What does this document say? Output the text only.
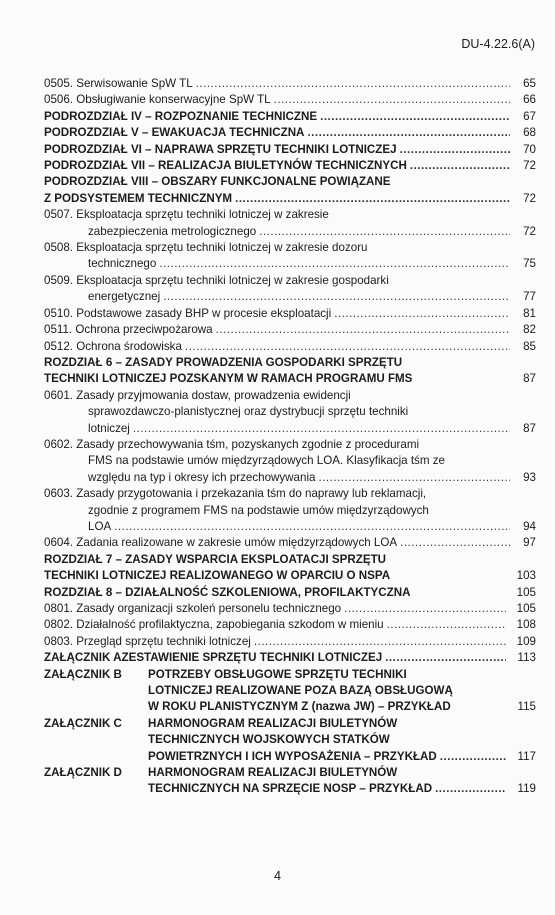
DU-4.22.6(A)
0505. Serwisowanie SpW TL .....	65
0506. Obsługiwanie konserwacyjne SpW TL .....	66
PODROZDZIAŁ IV – ROZPOZNANIE TECHNICZNE .....	67
PODROZDZIAŁ V – EWAKUACJA TECHNICZNA .....	68
PODROZDZIAŁ VI – NAPRAWA SPRZĘTU TECHNIKI LOTNICZEJ .....	70
PODROZDZIAŁ VII – REALIZACJA BIULETYNÓW TECHNICZNYCH .....	72
PODROZDZIAŁ VIII – OBSZARY FUNKCJONALNE POWIĄZANE
Z PODSYSTEMEM TECHNICZNYM .....	72
0507. Eksploatacja sprzętu techniki lotniczej w zakresie
zabezpieczenia metrologicznego .....	72
0508. Eksploatacja sprzętu techniki lotniczej w zakresie dozoru
technicznego .....	75
0509. Eksploatacja sprzętu techniki lotniczej w zakresie gospodarki
energetycznej .....	77
0510. Podstawowe zasady BHP w procesie eksploatacji .....	81
0511. Ochrona przeciwpożarowa .....	82
0512. Ochrona środowiska .....	85
ROZDZIAŁ 6 – ZASADY PROWADZENIA GOSPODARKI SPRZĘTU
TECHNIKI LOTNICZEJ POZSKANYM W RAMACH PROGRAMU FMS	87
0601. Zasady przyjmowania dostaw, prowadzenia ewidencji
sprawozdawczo-planistycznej oraz dystrybucji sprzętu techniki
lotniczej .....	87
0602. Zasady przechowywania tśm, pozyskanych zgodnie z procedurami
FMS na podstawie umów międzyrządowych LOA. Klasyfikacja tśm ze
względu na typ i okresy ich przechowywania .....	93
0603. Zasady przygotowania i przekazania tśm do naprawy lub reklamacji,
zgodnie z programem FMS na podstawie umów międzyrządowych
LOA .....	94
0604. Zadania realizowane w zakresie umów międzyrządowych LOA .....	97
ROZDZIAŁ 7 – ZASADY WSPARCIA EKSPLOATACJI SPRZĘTU
TECHNIKI LOTNICZEJ REALIZOWANEGO W OPARCIU O NSPA	103
ROZDZIAŁ 8 – DZIAŁALNOŚĆ SZKOLENIOWA, PROFILAKTYCZNA	105
0801. Zasady organizacji szkoleń personelu technicznego .....	105
0802. Działalność profilaktyczna, zapobiegania szkodom w mieniu .....	108
0803. Przegląd sprzętu techniki lotniczej .....	109
ZAŁĄCZNIK A ZESTAWIENIE SPRZĘTU TECHNIKI LOTNICZEJ .....	113
ZAŁĄCZNIK B POTRZEBY OBSŁUGOWE SPRZĘTU TECHNIKI
LOTNICZEJ REALIZOWANE POZA BAZĄ OBSŁUGOWĄ
W ROKU PLANISTYCZNYM Z (nazwa JW) – PRZYKŁAD	115
ZAŁĄCZNIK C HARMONOGRAM REALIZACJI BIULETYNÓW
TECHNICZNYCH WOJSKOWYCH STATKÓW
POWIETRZNYCH I ICH WYPOSAŻENIA – PRZYKŁAD .....	117
ZAŁĄCZNIK D HARMONOGRAM REALIZACJI BIULETYNÓW
TECHNICZNYCH NA SPRZĘCIE NOSP – PRZYKŁAD .....	119
4
